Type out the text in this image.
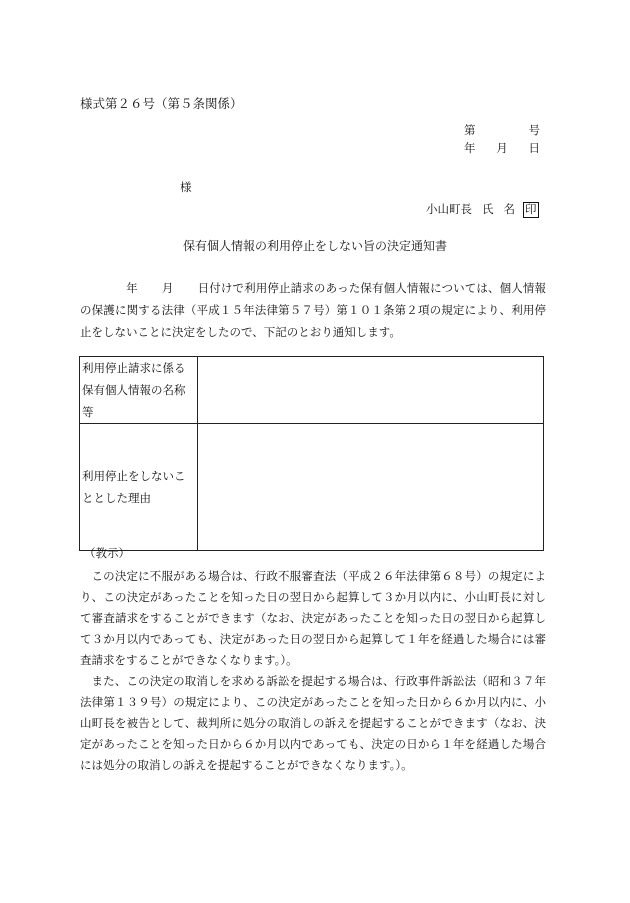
様式第２６号（第５条関係）
第	号
年 月 日
様
小山町長 氏 名 印
保有個人情報の利用停止をしない旨の決定通知書
年 月 日付けで利用停止請求のあった保有個人情報については、個人情報の保護に関する法律（平成１５年法律第５７号）第１０１条第２項の規定により、利用停止をしないことに決定をしたので、下記のとおり通知します。
利用停止請求に係る保有個人情報の名称等	
利用停止をしないこととした理由	
（教示）

この決定に不服がある場合は、行政不服審査法（平成２６年法律第６８号）の規定により、この決定があったことを知った日の翌日から起算して３か月以内に、小山町長に対して審査請求をすることができます（なお、決定があったことを知った日の翌日から起算して３か月以内であっても、決定があった日の翌日から起算して１年を経過した場合には審査請求をすることができなくなります。）。

また、この決定の取消しを求める訴訟を提起する場合は、行政事件訴訟法（昭和３７年法律第１３９号）の規定により、この決定があったことを知った日から６か月以内に、小山町長を被告として、裁判所に処分の取消しの訴えを提起することができます（なお、決定があったことを知った日から６か月以内であっても、決定の日から１年を経過した場合には処分の取消しの訴えを提起することができなくなります。）。
